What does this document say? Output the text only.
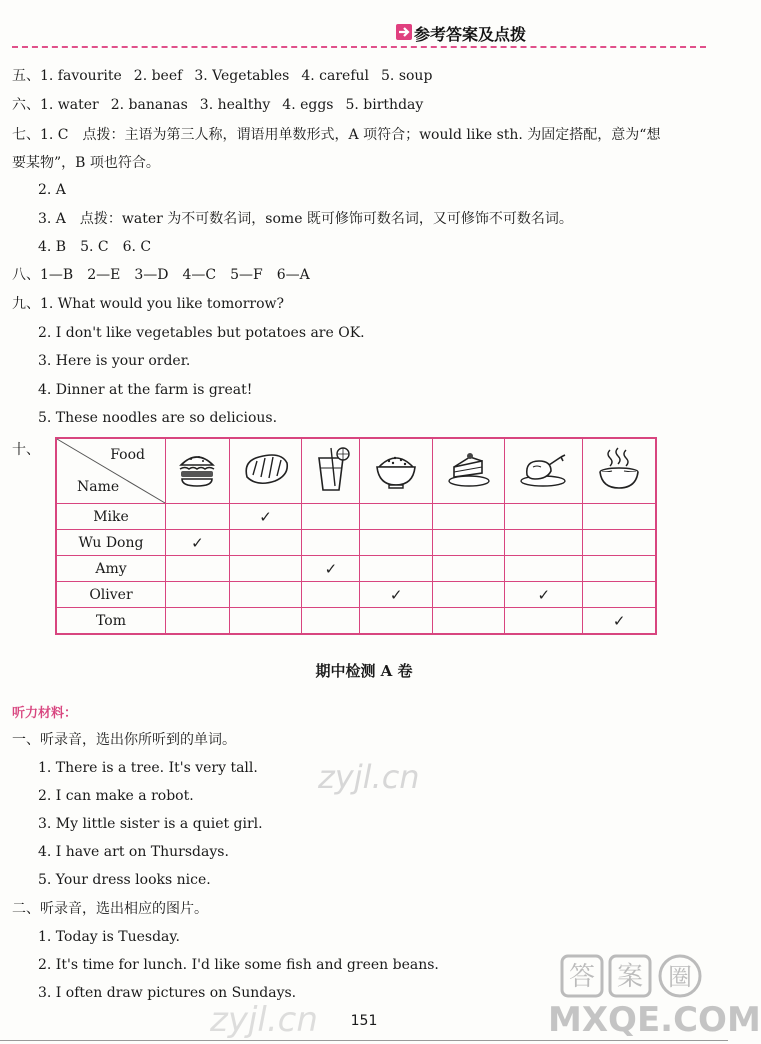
参考答案及点拨
五、1. favourite 2. beef 3. Vegetables 4. careful 5. soup
六、1. water 2. bananas 3. healthy 4. eggs 5. birthday
七、1. C　点拨：主语为第三人称，谓语用单数形式，A 项符合；would like sth. 为固定搭配，意为“想
要某物”，B 项也符合。
2. A
3. A　点拨：water 为不可数名词，some 既可修饰可数名词，又可修饰不可数名词。
4. B　5. C　6. C
八、1—B　2—E　3—D　4—C　5—F　6—A
九、1. What would you like tomorrow?
2. I don't like vegetables but potatoes are OK.
3. Here is your order.
4. Dinner at the farm is great!
5. These noodles are so delicious.
十、	Food
Name

Mike		✓					
Wu Dong	✓						
Amy			✓				
Oliver				✓		✓	
Tom							✓
期中检测 A 卷
听力材料：
一、听录音，选出你所听到的单词。
1. There is a tree. It's very tall.
2. I can make a robot.
3. My little sister is a quiet girl.
4. I have art on Thursdays.
5. Your dress looks nice.
二、听录音，选出相应的图片。
1. Today is Tuesday.
2. It's time for lunch. I'd like some fish and green beans.
3. I often draw pictures on Sundays.
151
zyjl.cn
zyjl.cn
答 案 圈
MXQE.COM
